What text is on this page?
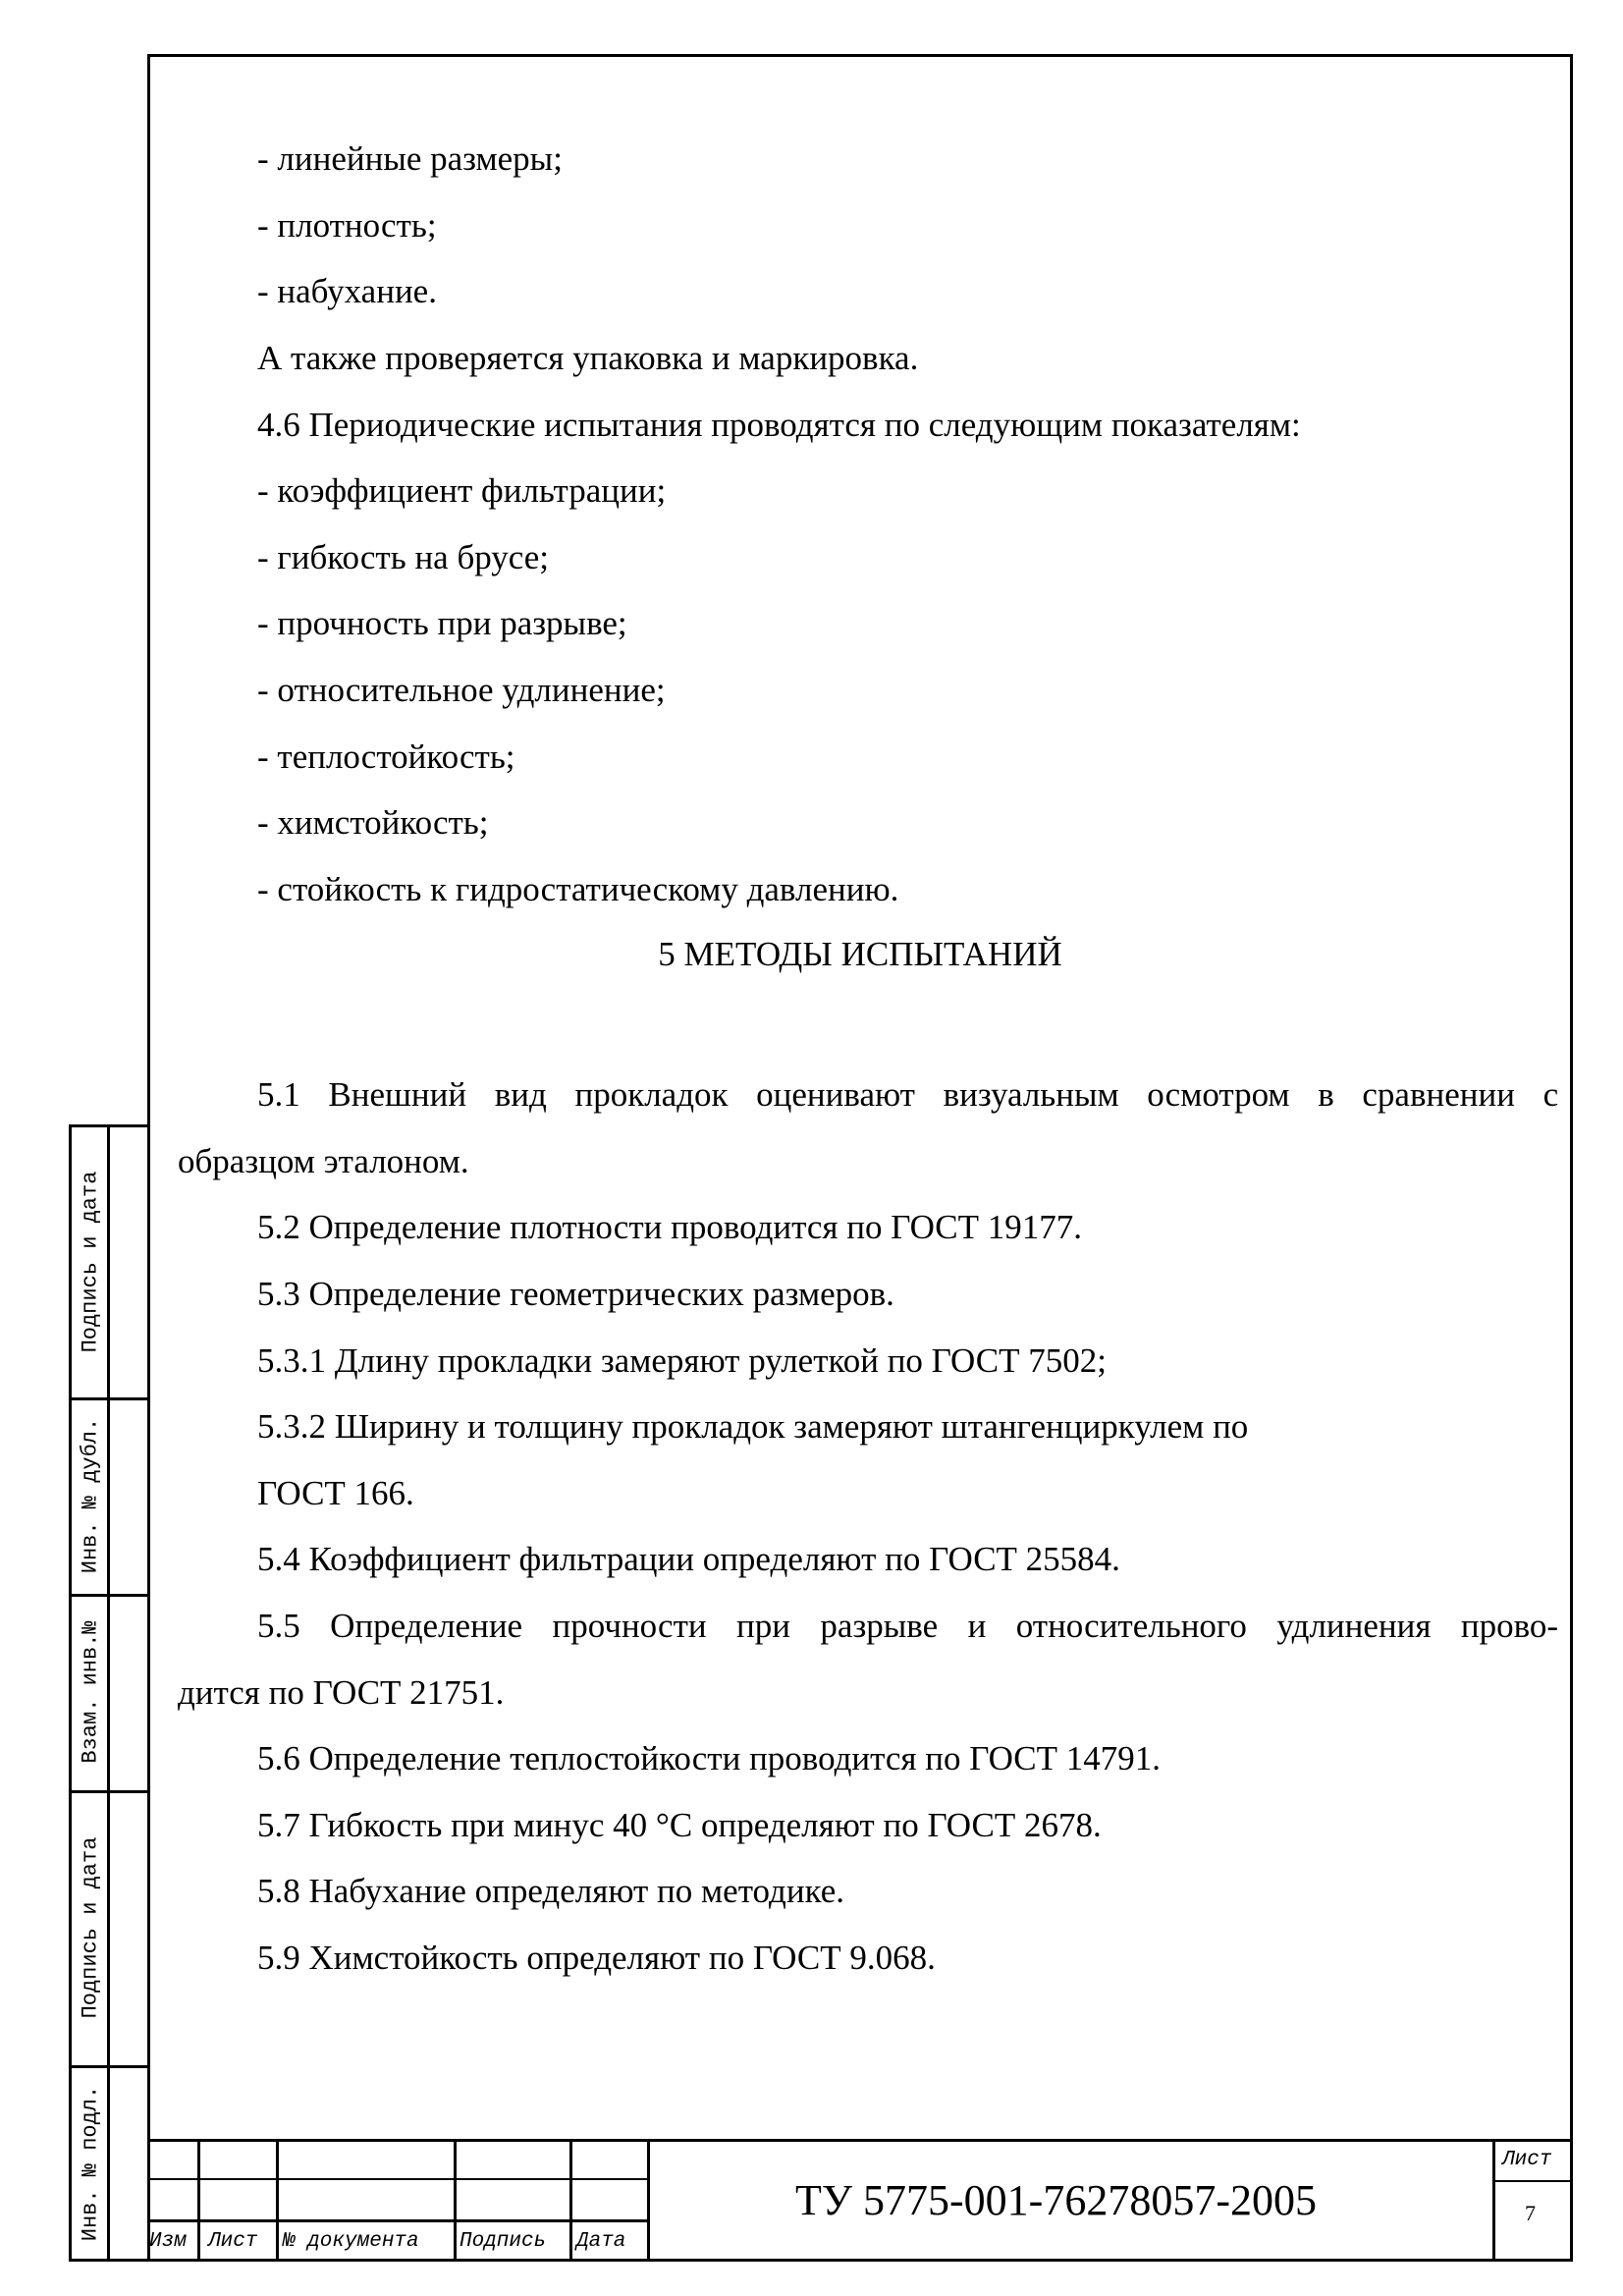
- линейные размеры;
- плотность;
- набухание.
А также проверяется упаковка и маркировка.
4.6 Периодические испытания проводятся по следующим показателям:
- коэффициент фильтрации;
- гибкость на брусе;
- прочность при разрыве;
- относительное удлинение;
- теплостойкость;
- химстойкость;
- стойкость к гидростатическому давлению.
5 МЕТОДЫ ИСПЫТАНИЙ
5.1 Внешний вид прокладок оценивают визуальным осмотром в сравнении с
образцом эталоном.
5.2 Определение плотности проводится по ГОСТ 19177.
5.3 Определение геометрических размеров.
5.3.1 Длину прокладки замеряют рулеткой по ГОСТ 7502;
5.3.2 Ширину и толщину прокладок замеряют штангенциркулем по
ГОСТ 166.
5.4 Коэффициент фильтрации определяют по ГОСТ 25584.
5.5 Определение прочности при разрыве и относительного удлинения прово-
дится по ГОСТ 21751.
5.6 Определение теплостойкости проводится по ГОСТ 14791.
5.7 Гибкость при минус 40 °С определяют по ГОСТ 2678.
5.8 Набухание определяют по методике.
5.9 Химстойкость определяют по ГОСТ 9.068.
Подпись и дата
Инв. № дубл.
Взам. инв.№
Подпись и дата
Инв. № подл.
Изм Лист № документа Подпись Дата
ТУ 5775-001-76278057-2005
Лист
7
